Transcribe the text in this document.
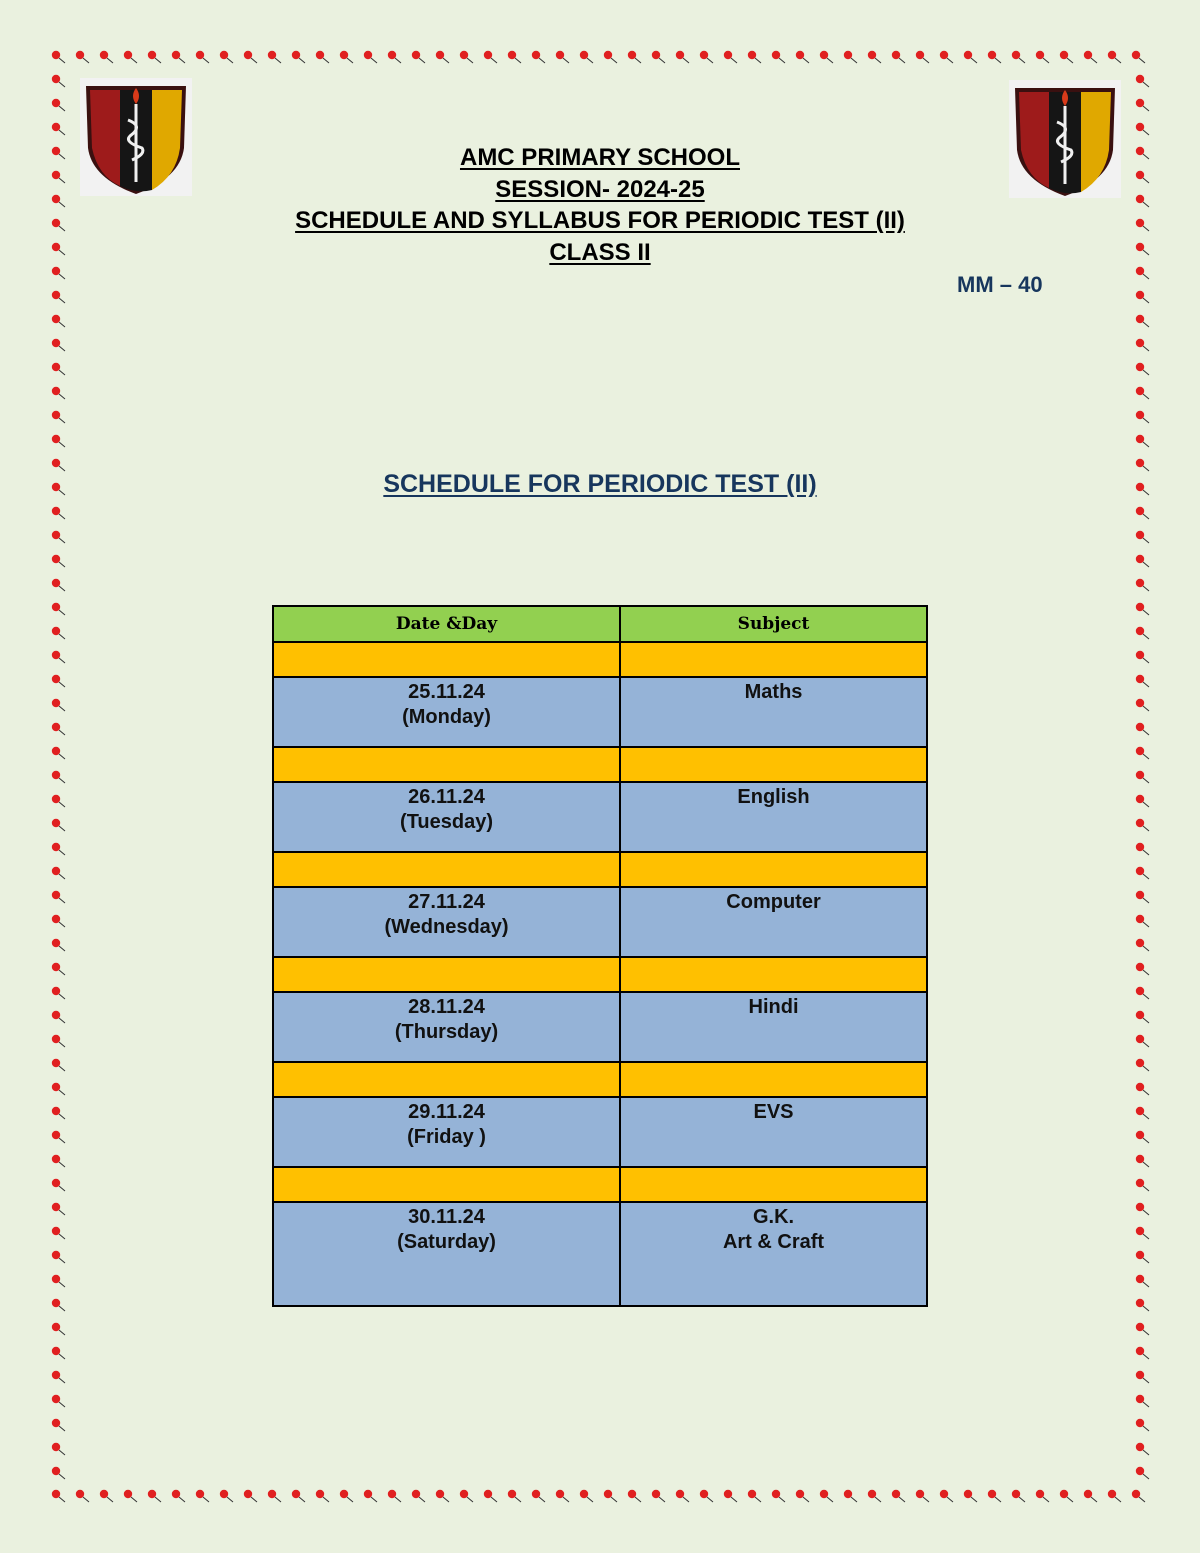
AMC PRIMARY SCHOOL
SESSION- 2024-25
SCHEDULE AND SYLLABUS FOR PERIODIC TEST (II)
CLASS II
MM – 40
SCHEDULE FOR PERIODIC TEST (II)
Date &Day	Subject

25.11.24
(Monday)	Maths

26.11.24
(Tuesday)	English

27.11.24
(Wednesday)	Computer

28.11.24
(Thursday)	Hindi

29.11.24
(Friday )	EVS

30.11.24
(Saturday)	G.K.
Art & Craft
